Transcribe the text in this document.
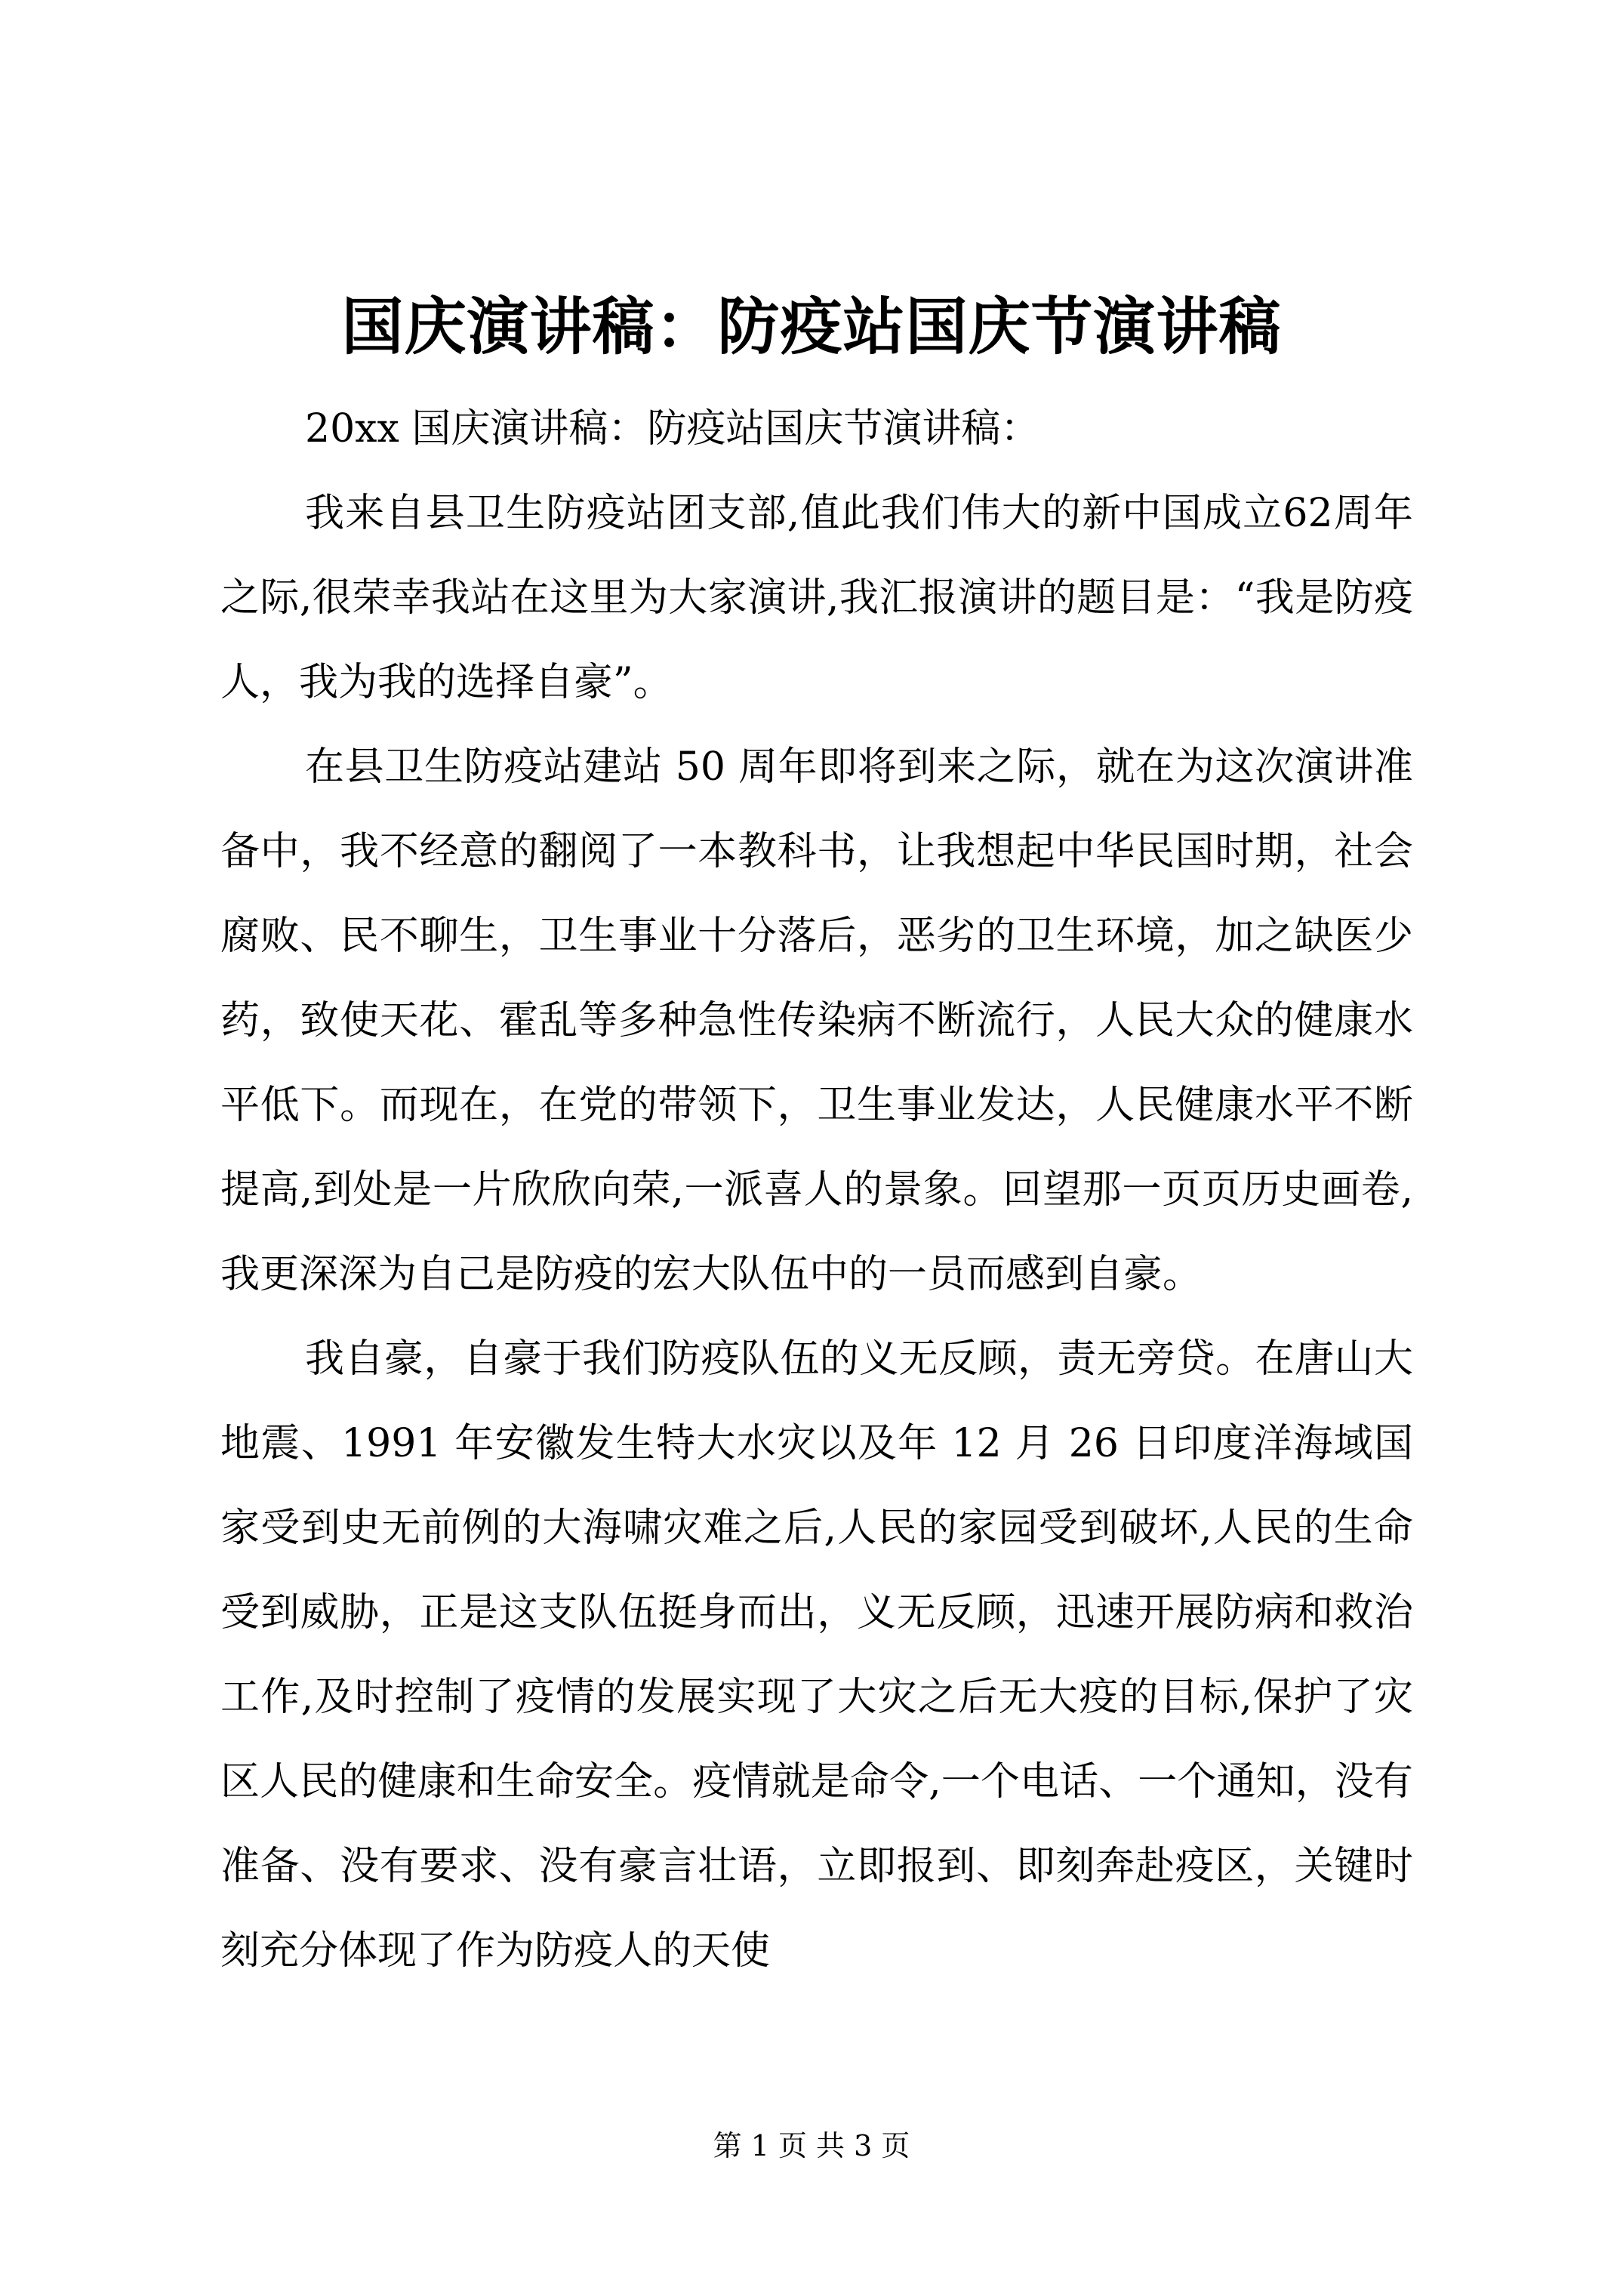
国庆演讲稿：防疫站国庆节演讲稿

20xx 国庆演讲稿：防疫站国庆节演讲稿：

我来自县卫生防疫站团支部,值此我们伟大的新中国成立62周年之际,很荣幸我站在这里为大家演讲,我汇报演讲的题目是：“我是防疫人，我为我的选择自豪”。

在县卫生防疫站建站 50 周年即将到来之际，就在为这次演讲准备中，我不经意的翻阅了一本教科书，让我想起中华民国时期，社会腐败、民不聊生，卫生事业十分落后，恶劣的卫生环境，加之缺医少药，致使天花、霍乱等多种急性传染病不断流行，人民大众的健康水平低下。而现在，在党的带领下，卫生事业发达，人民健康水平不断提高,到处是一片欣欣向荣,一派喜人的景象。回望那一页页历史画卷,我更深深为自己是防疫的宏大队伍中的一员而感到自豪。

我自豪，自豪于我们防疫队伍的义无反顾，责无旁贷。在唐山大地震、1991 年安徽发生特大水灾以及年 12 月 26 日印度洋海域国家受到史无前例的大海啸灾难之后,人民的家园受到破坏,人民的生命受到威胁，正是这支队伍挺身而出，义无反顾，迅速开展防病和救治工作,及时控制了疫情的发展实现了大灾之后无大疫的目标,保护了灾区人民的健康和生命安全。疫情就是命令,一个电话、一个通知，没有准备、没有要求、没有豪言壮语，立即报到、即刻奔赴疫区，关键时刻充分体现了作为防疫人的天使

第 1 页 共 3 页
